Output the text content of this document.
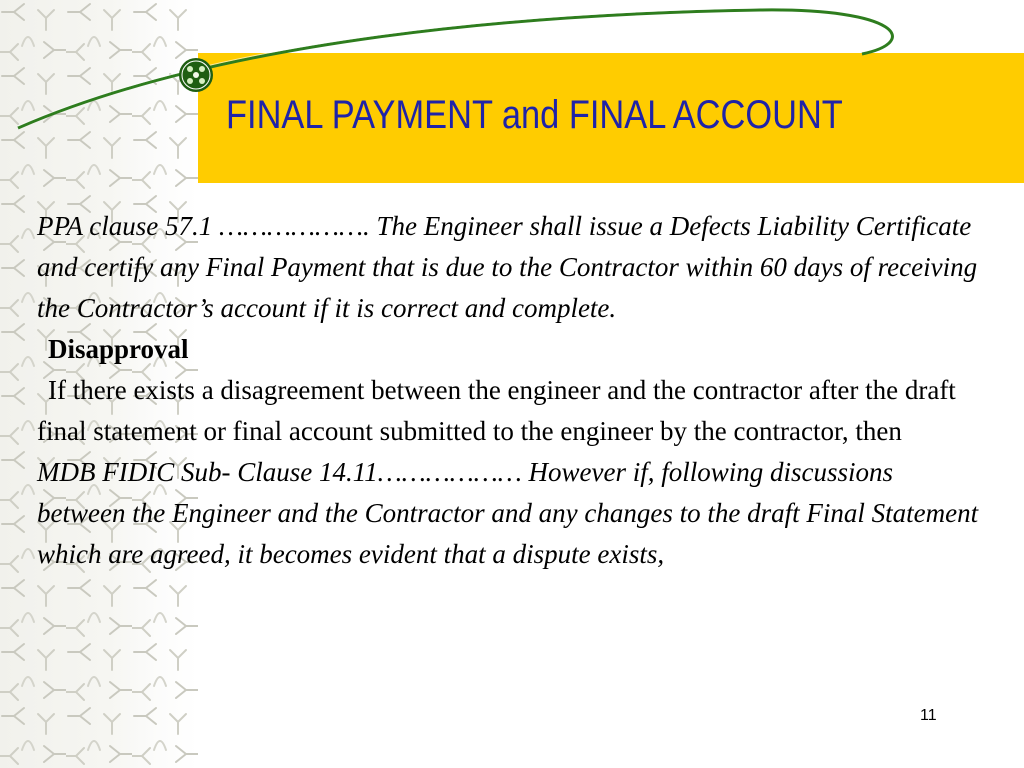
FINAL PAYMENT and FINAL ACCOUNT

PPA clause 57.1 ………………. The Engineer shall issue a Defects Liability Certificate and certify any Final Payment that is due to the Contractor within 60 days of receiving the Contractor’s account if it is correct and complete.

Disapproval

If there exists a disagreement between the engineer and the contractor after the draft final statement or final account submitted to the engineer by the contractor, then

MDB FIDIC Sub- Clause 14.11……………… However if, following discussions between the Engineer and the Contractor and any changes to the draft Final Statement which are agreed, it becomes evident that a dispute exists,

11
